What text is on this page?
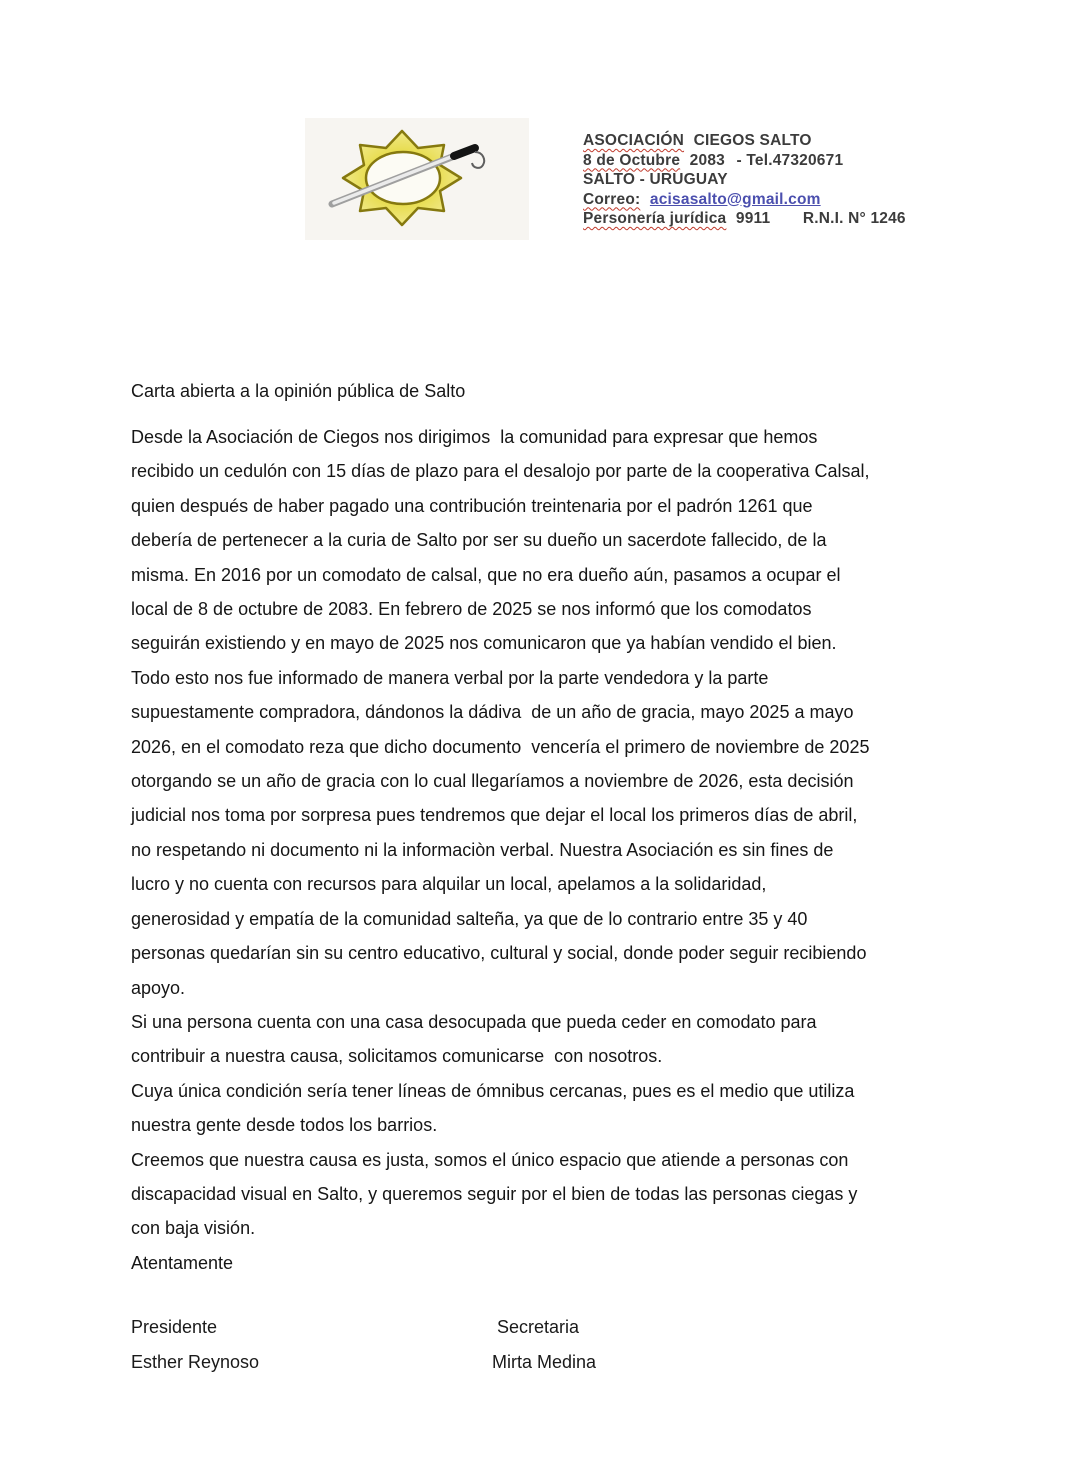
ASOCIACIÓN CIEGOS SALTO
8 de Octubre 2083 - Tel.47320671
SALTO - URUGUAY
Correo: acisasalto@gmail.com
Personería jurídica 9911 R.N.I. N° 1246
Carta abierta a la opinión pública de Salto
Desde la Asociación de Ciegos nos dirigimos  la comunidad para expresar que hemos
recibido un cedulón con 15 días de plazo para el desalojo por parte de la cooperativa Calsal,
quien después de haber pagado una contribución treintenaria por el padrón 1261 que
debería de pertenecer a la curia de Salto por ser su dueño un sacerdote fallecido, de la
misma. En 2016 por un comodato de calsal, que no era dueño aún, pasamos a ocupar el
local de 8 de octubre de 2083. En febrero de 2025 se nos informó que los comodatos
seguirán existiendo y en mayo de 2025 nos comunicaron que ya habían vendido el bien.
Todo esto nos fue informado de manera verbal por la parte vendedora y la parte
supuestamente compradora, dándonos la dádiva  de un año de gracia, mayo 2025 a mayo
2026, en el comodato reza que dicho documento  vencería el primero de noviembre de 2025
otorgando se un año de gracia con lo cual llegaríamos a noviembre de 2026, esta decisión
judicial nos toma por sorpresa pues tendremos que dejar el local los primeros días de abril,
no respetando ni documento ni la informaciòn verbal. Nuestra Asociación es sin fines de
lucro y no cuenta con recursos para alquilar un local, apelamos a la solidaridad,
generosidad y empatía de la comunidad salteña, ya que de lo contrario entre 35 y 40
personas quedarían sin su centro educativo, cultural y social, donde poder seguir recibiendo
apoyo.
Si una persona cuenta con una casa desocupada que pueda ceder en comodato para
contribuir a nuestra causa, solicitamos comunicarse  con nosotros.
Cuya única condición sería tener líneas de ómnibus cercanas, pues es el medio que utiliza
nuestra gente desde todos los barrios.
Creemos que nuestra causa es justa, somos el único espacio que atiende a personas con
discapacidad visual en Salto, y queremos seguir por el bien de todas las personas ciegas y
con baja visión.
Atentamente
Presidente	Secretaria
Esther Reynoso	Mirta Medina
